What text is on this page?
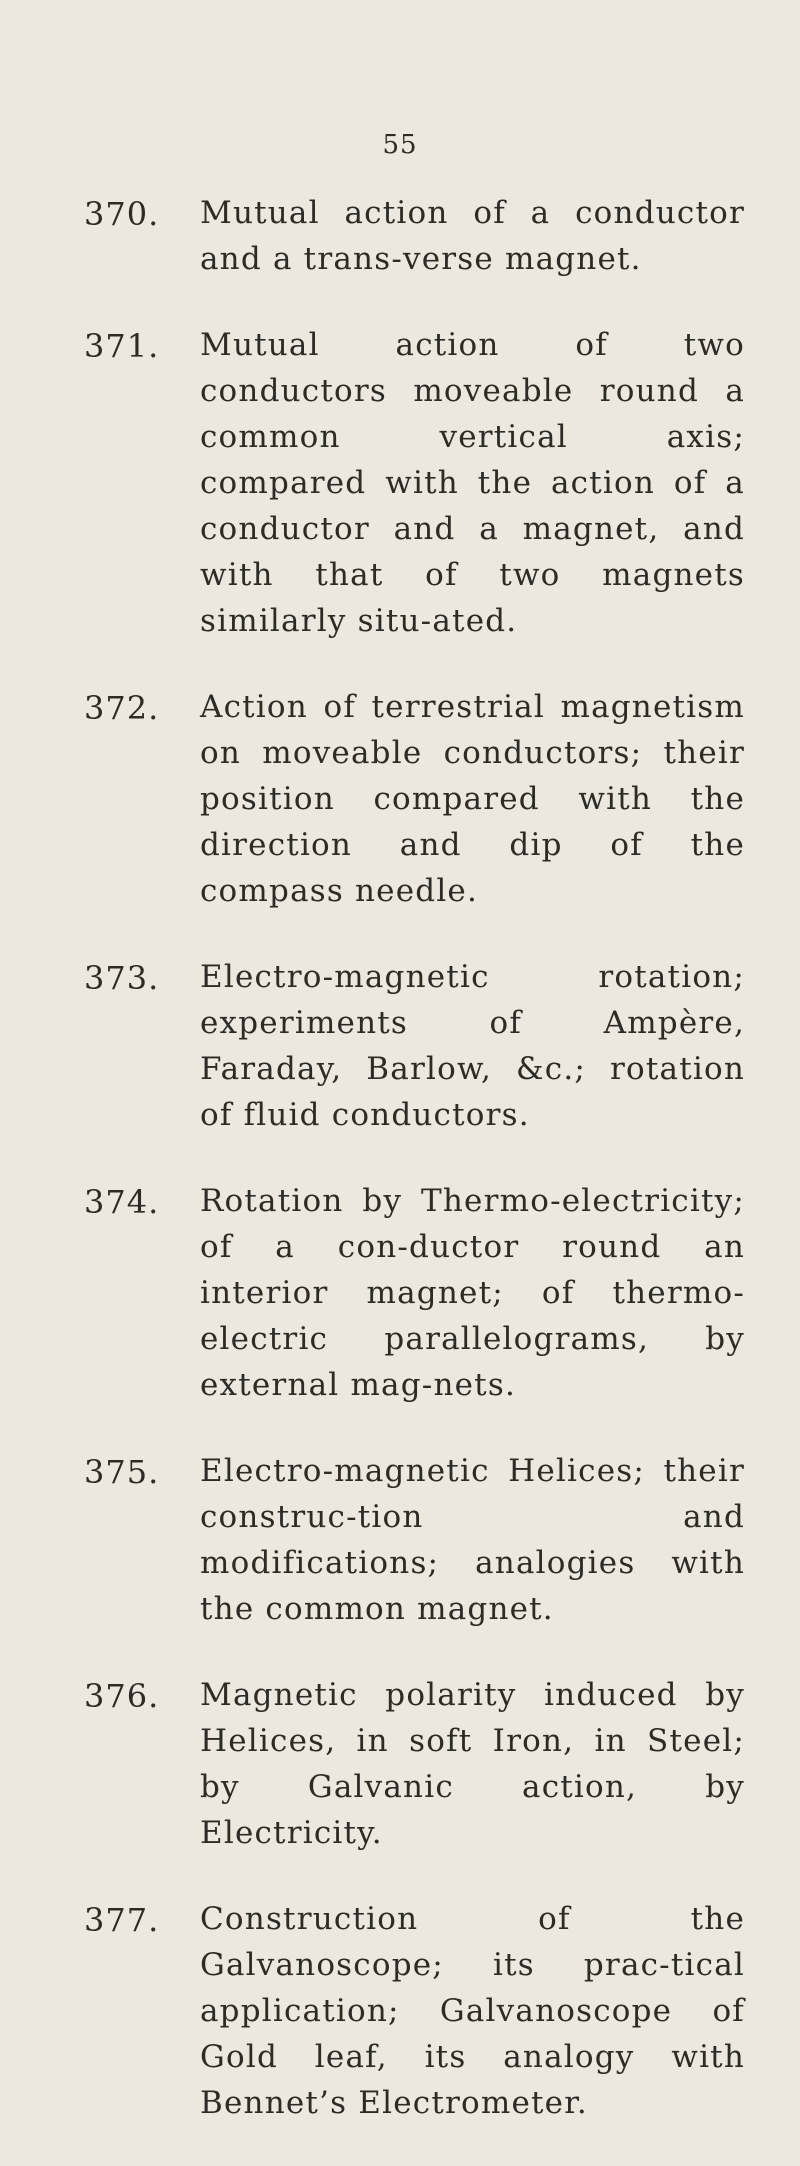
55
370. Mutual action of a conductor and a trans-verse magnet.
371. Mutual action of two conductors moveable round a common vertical axis; compared with the action of a conductor and a magnet, and with that of two magnets similarly situ-ated.
372. Action of terrestrial magnetism on moveable conductors; their position compared with the direction and dip of the compass needle.
373. Electro-magnetic rotation; experiments of Ampère, Faraday, Barlow, &c.; rotation of fluid conductors.
374. Rotation by Thermo-electricity; of a con-ductor round an interior magnet; of thermo-electric parallelograms, by external mag-nets.
375. Electro-magnetic Helices; their construc-tion and modifications; analogies with the common magnet.
376. Magnetic polarity induced by Helices, in soft Iron, in Steel; by Galvanic action, by Electricity.
377. Construction of the Galvanoscope; its prac-tical application; Galvanoscope of Gold leaf, its analogy with Bennet’s Electrometer.
